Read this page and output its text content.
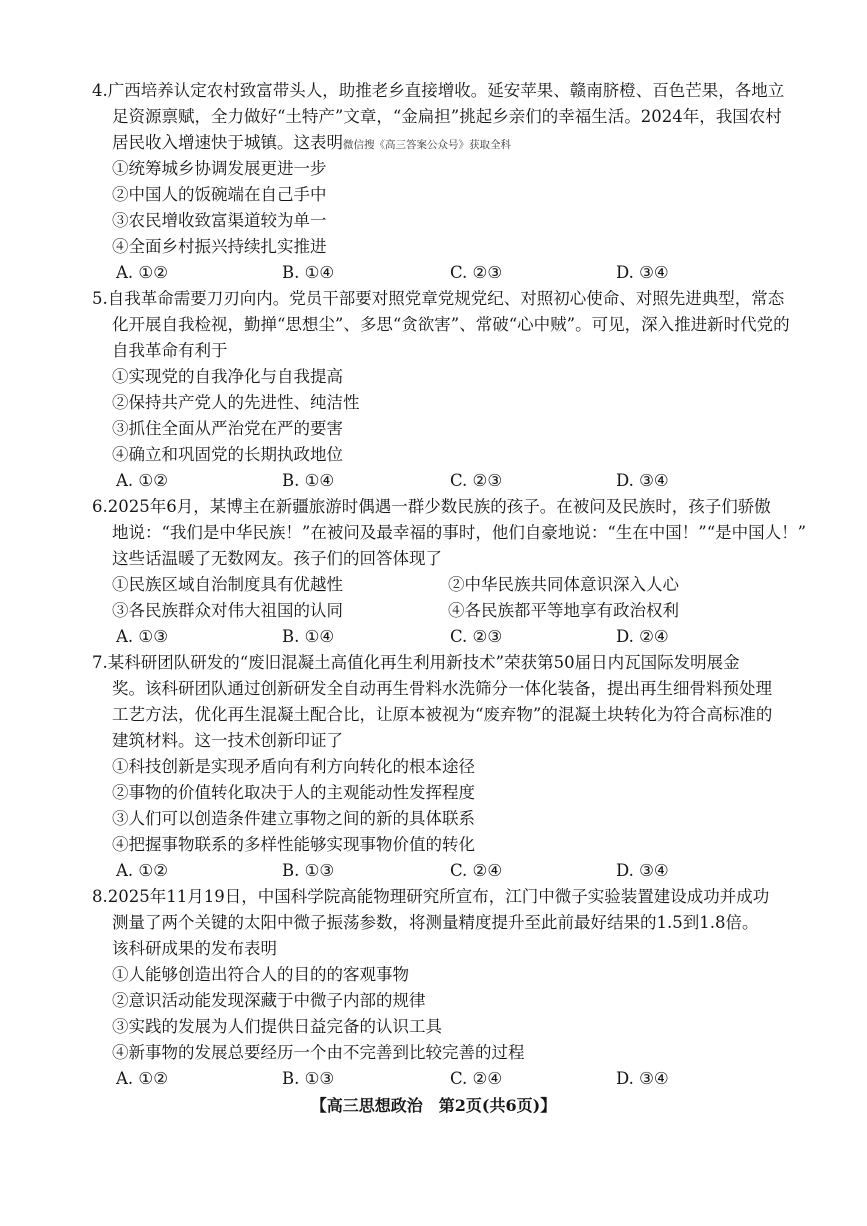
4.广西培养认定农村致富带头人，助推老乡直接增收。延安苹果、赣南脐橙、百色芒果，各地立
足资源禀赋，全力做好“土特产”文章，“金扁担”挑起乡亲们的幸福生活。2024年，我国农村
居民收入增速快于城镇。这表明微信搜《高三答案公众号》获取全科
①统筹城乡协调发展更进一步
②中国人的饭碗端在自己手中
③农民增收致富渠道较为单一
④全面乡村振兴持续扎实推进
A. ①②	B. ①④	C. ②③	D. ③④
5.自我革命需要刀刃向内。党员干部要对照党章党规党纪、对照初心使命、对照先进典型，常态
化开展自我检视，勤掸“思想尘”、多思“贪欲害”、常破“心中贼”。可见，深入推进新时代党的
自我革命有利于
①实现党的自我净化与自我提高
②保持共产党人的先进性、纯洁性
③抓住全面从严治党在严的要害
④确立和巩固党的长期执政地位
A. ①②	B. ①④	C. ②③	D. ③④
6.2025年6月，某博主在新疆旅游时偶遇一群少数民族的孩子。在被问及民族时，孩子们骄傲
地说：“我们是中华民族！”在被问及最幸福的事时，他们自豪地说：“生在中国！”“是中国人！”
这些话温暖了无数网友。孩子们的回答体现了
①民族区域自治制度具有优越性	②中华民族共同体意识深入人心
③各民族群众对伟大祖国的认同	④各民族都平等地享有政治权利
A. ①③	B. ①④	C. ②③	D. ②④
7.某科研团队研发的“废旧混凝土高值化再生利用新技术”荣获第50届日内瓦国际发明展金
奖。该科研团队通过创新研发全自动再生骨料水洗筛分一体化装备，提出再生细骨料预处理
工艺方法，优化再生混凝土配合比，让原本被视为“废弃物”的混凝土块转化为符合高标准的
建筑材料。这一技术创新印证了
①科技创新是实现矛盾向有利方向转化的根本途径
②事物的价值转化取决于人的主观能动性发挥程度
③人们可以创造条件建立事物之间的新的具体联系
④把握事物联系的多样性能够实现事物价值的转化
A. ①②	B. ①③	C. ②④	D. ③④
8.2025年11月19日，中国科学院高能物理研究所宣布，江门中微子实验装置建设成功并成功
测量了两个关键的太阳中微子振荡参数，将测量精度提升至此前最好结果的1.5到1.8倍。
该科研成果的发布表明
①人能够创造出符合人的目的的客观事物
②意识活动能发现深藏于中微子内部的规律
③实践的发展为人们提供日益完备的认识工具
④新事物的发展总要经历一个由不完善到比较完善的过程
A. ①②	B. ①③	C. ②④	D. ③④
【高三思想政治　第2页(共6页)】
